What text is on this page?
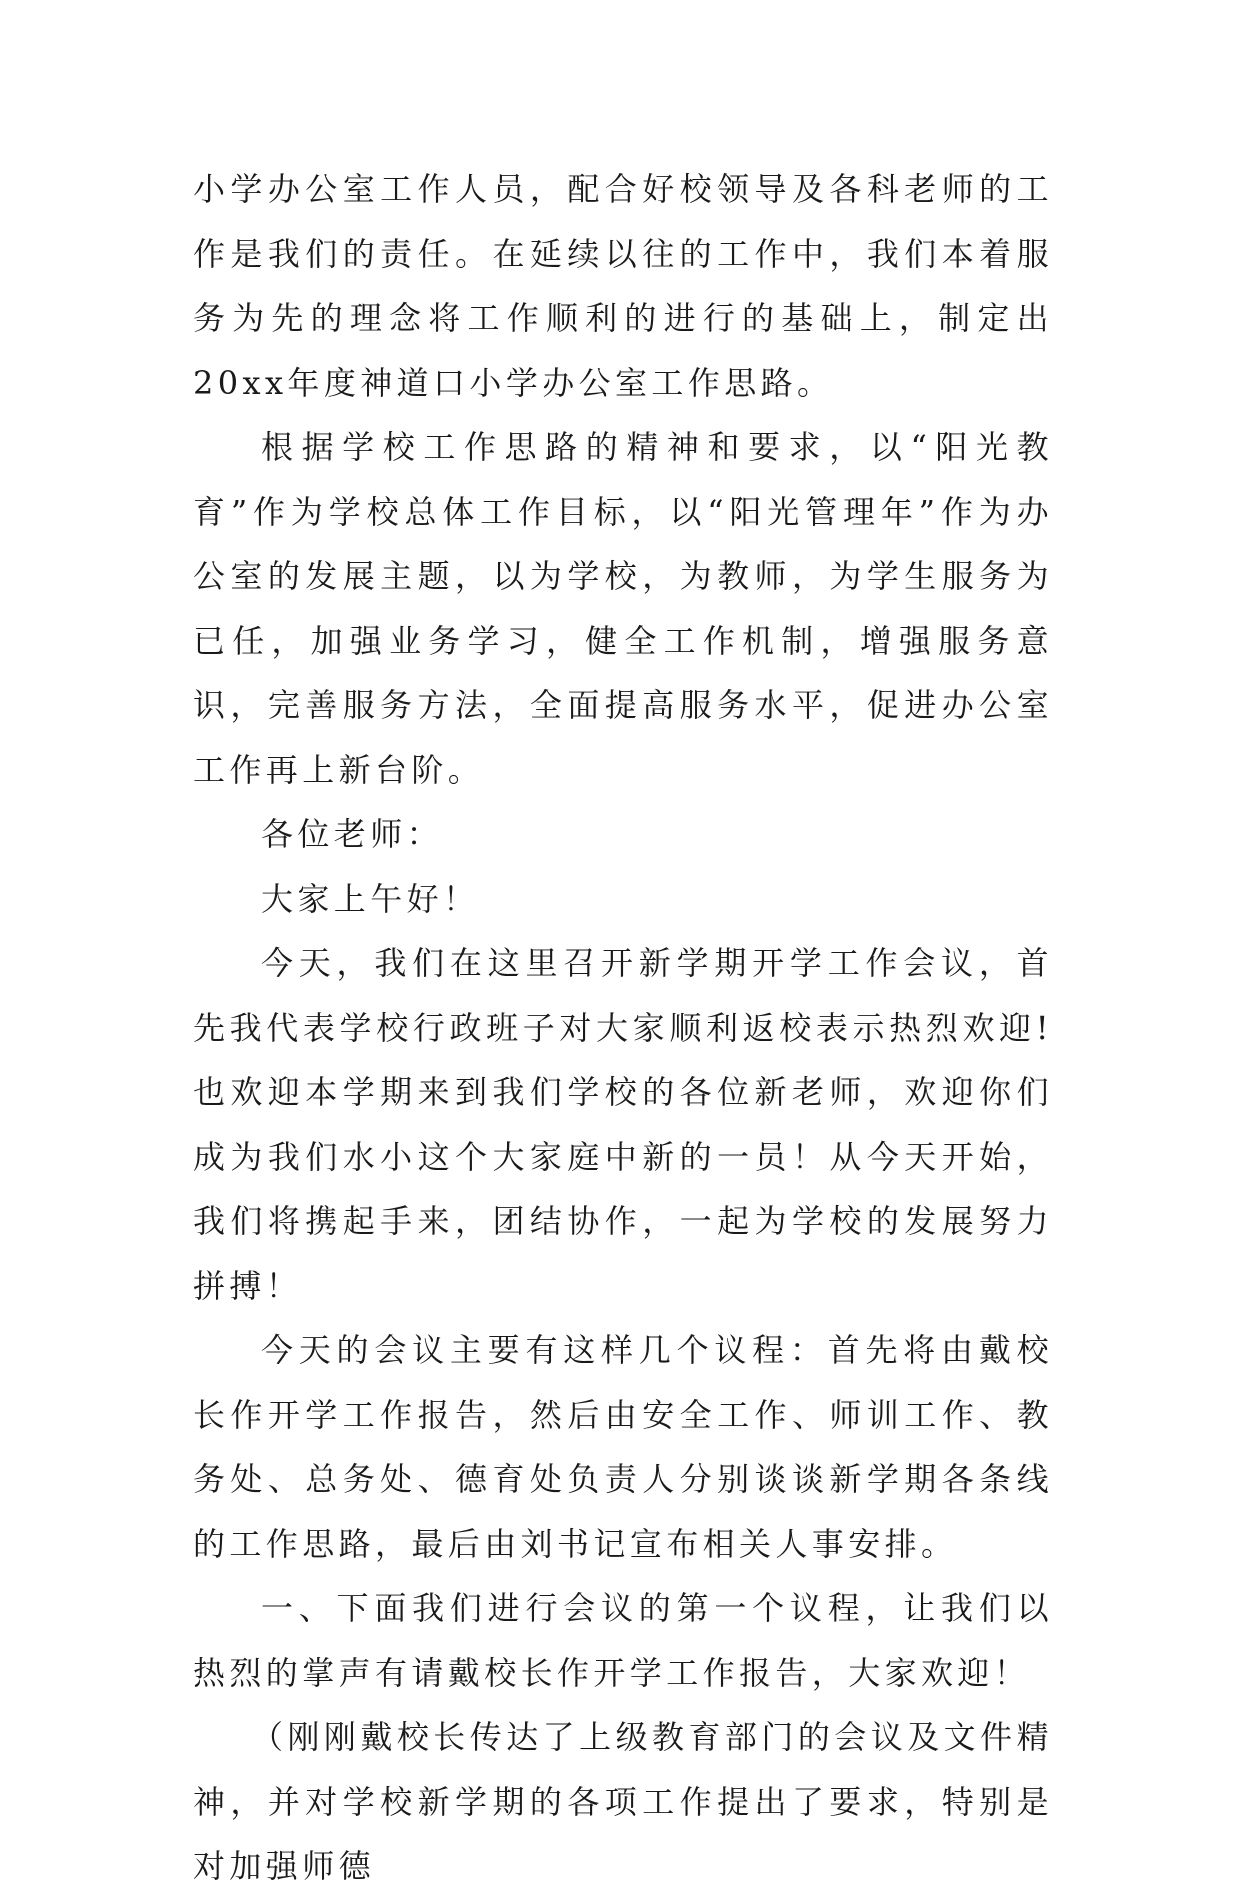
小学办公室工作人员，配合好校领导及各科老师的工作是我们的责任。在延续以往的工作中，我们本着服务为先的理念将工作顺利的进行的基础上，制定出20xx年度神道口小学办公室工作思路。

根据学校工作思路的精神和要求，以“阳光教育”作为学校总体工作目标，以“阳光管理年”作为办公室的发展主题，以为学校，为教师，为学生服务为已任，加强业务学习，健全工作机制，增强服务意识，完善服务方法，全面提高服务水平，促进办公室工作再上新台阶。

各位老师：

大家上午好！

今天，我们在这里召开新学期开学工作会议，首先我代表学校行政班子对大家顺利返校表示热烈欢迎!也欢迎本学期来到我们学校的各位新老师，欢迎你们成为我们水小这个大家庭中新的一员！从今天开始，我们将携起手来，团结协作，一起为学校的发展努力拼搏！

今天的会议主要有这样几个议程：首先将由戴校长作开学工作报告，然后由安全工作、师训工作、教务处、总务处、德育处负责人分别谈谈新学期各条线的工作思路，最后由刘书记宣布相关人事安排。

一、下面我们进行会议的第一个议程，让我们以热烈的掌声有请戴校长作开学工作报告，大家欢迎！

（刚刚戴校长传达了上级教育部门的会议及文件精神，并对学校新学期的各项工作提出了要求，特别是对加强师德
